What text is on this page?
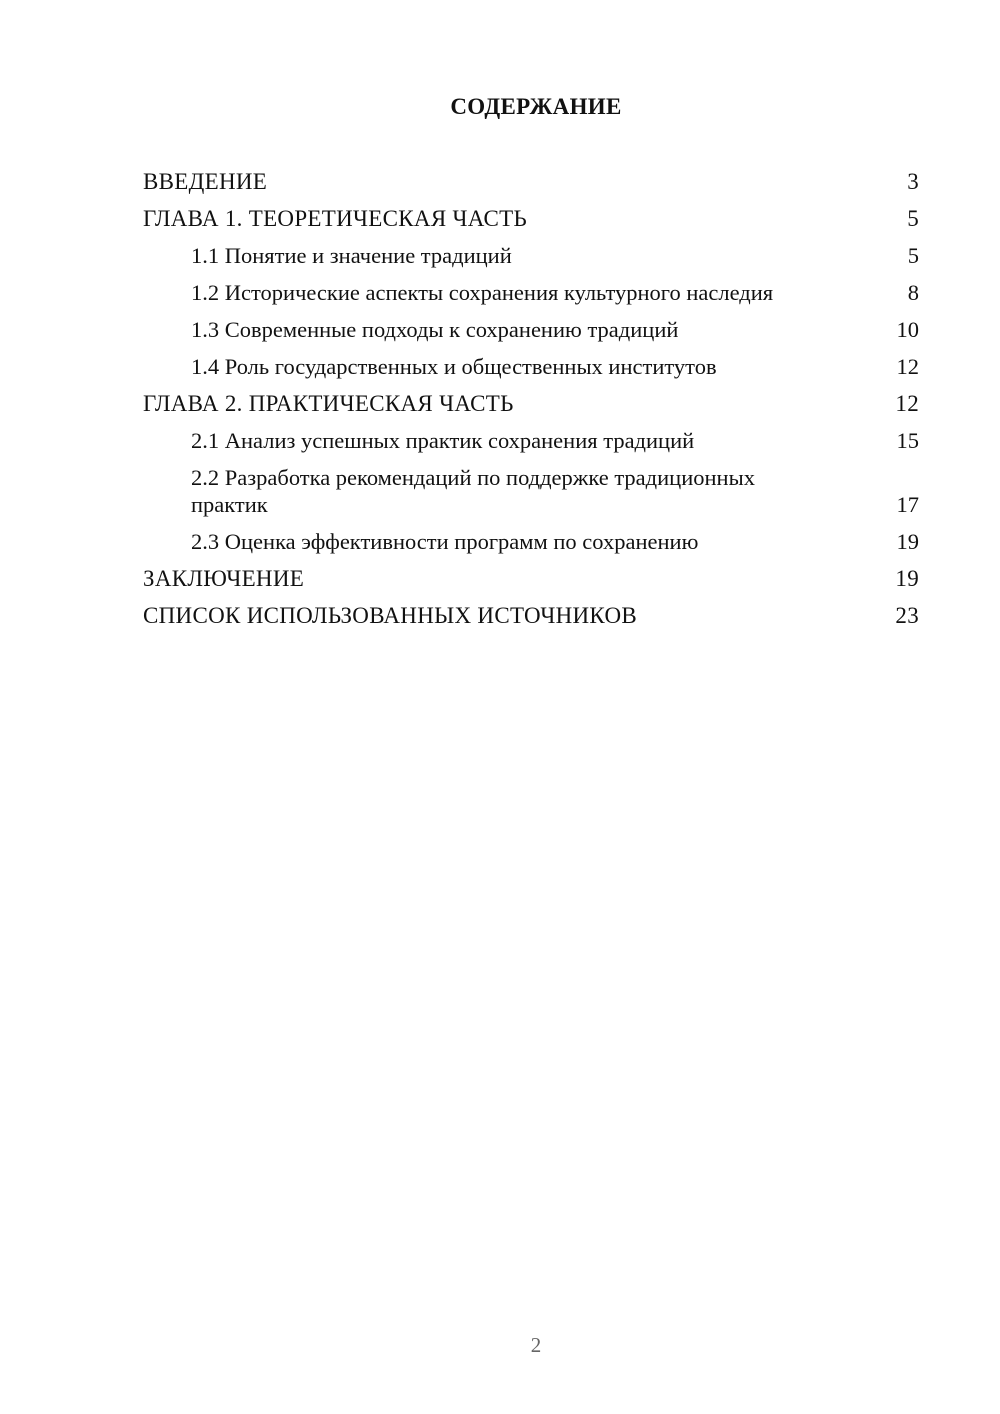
СОДЕРЖАНИЕ
ВВЕДЕНИЕ	3
ГЛАВА 1. ТЕОРЕТИЧЕСКАЯ ЧАСТЬ	5
1.1 Понятие и значение традиций	5
1.2 Исторические аспекты сохранения культурного наследия	8
1.3 Современные подходы к сохранению традиций	10
1.4 Роль государственных и общественных институтов	12
ГЛАВА 2. ПРАКТИЧЕСКАЯ ЧАСТЬ	12
2.1 Анализ успешных практик сохранения традиций	15
2.2 Разработка рекомендаций по поддержке традиционных практик	17
2.3 Оценка эффективности программ по сохранению	19
ЗАКЛЮЧЕНИЕ	19
СПИСОК ИСПОЛЬЗОВАННЫХ ИСТОЧНИКОВ	23
2
